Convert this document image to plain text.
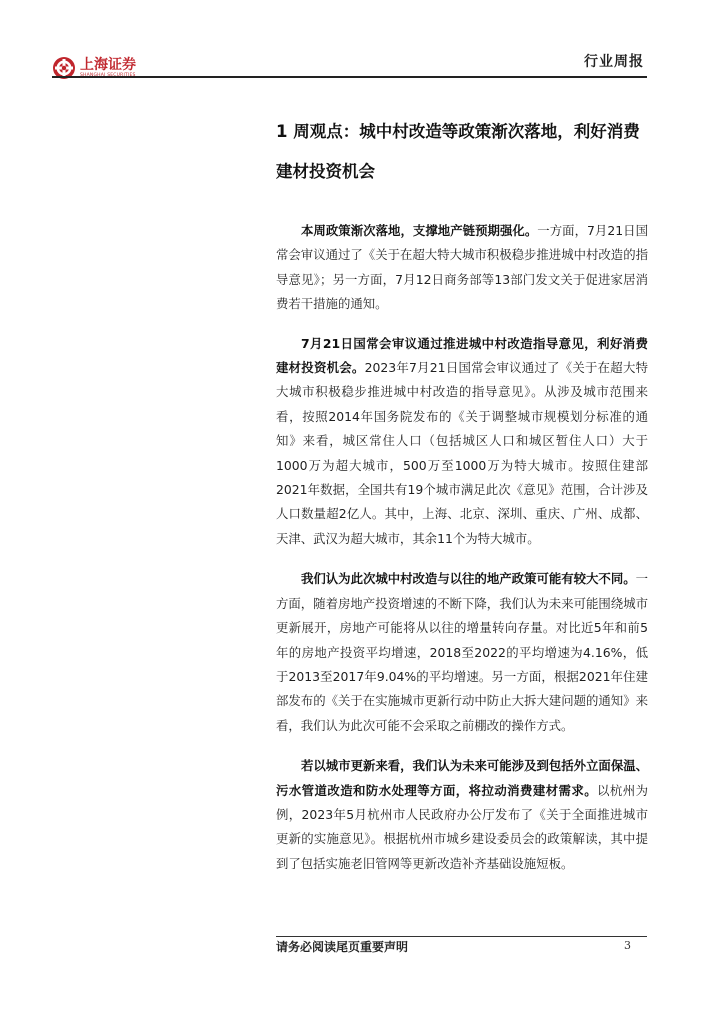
上海证券
SHANGHAI SECURITIES
行业周报
1 周观点：城中村改造等政策渐次落地，利好消费建材投资机会

本周政策渐次落地，支撑地产链预期强化。一方面，7月21日国常会审议通过了《关于在超大特大城市积极稳步推进城中村改造的指导意见》；另一方面，7月12日商务部等13部门发文关于促进家居消费若干措施的通知。

7月21日国常会审议通过推进城中村改造指导意见，利好消费建材投资机会。2023年7月21日国常会审议通过了《关于在超大特大城市积极稳步推进城中村改造的指导意见》。从涉及城市范围来看，按照2014年国务院发布的《关于调整城市规模划分标准的通知》来看，城区常住人口（包括城区人口和城区暂住人口）大于1000万为超大城市，500万至1000万为特大城市。按照住建部2021年数据，全国共有19个城市满足此次《意见》范围，合计涉及人口数量超2亿人。其中，上海、北京、深圳、重庆、广州、成都、天津、武汉为超大城市，其余11个为特大城市。

我们认为此次城中村改造与以往的地产政策可能有较大不同。一方面，随着房地产投资增速的不断下降，我们认为未来可能围绕城市更新展开，房地产可能将从以往的增量转向存量。对比近5年和前5年的房地产投资平均增速，2018至2022的平均增速为4.16%，低于2013至2017年9.04%的平均增速。另一方面，根据2021年住建部发布的《关于在实施城市更新行动中防止大拆大建问题的通知》来看，我们认为此次可能不会采取之前棚改的操作方式。

若以城市更新来看，我们认为未来可能涉及到包括外立面保温、污水管道改造和防水处理等方面，将拉动消费建材需求。以杭州为例，2023年5月杭州市人民政府办公厅发布了《关于全面推进城市更新的实施意见》。根据杭州市城乡建设委员会的政策解读，其中提到了包括实施老旧管网等更新改造补齐基础设施短板。

请务必阅读尾页重要声明	3
